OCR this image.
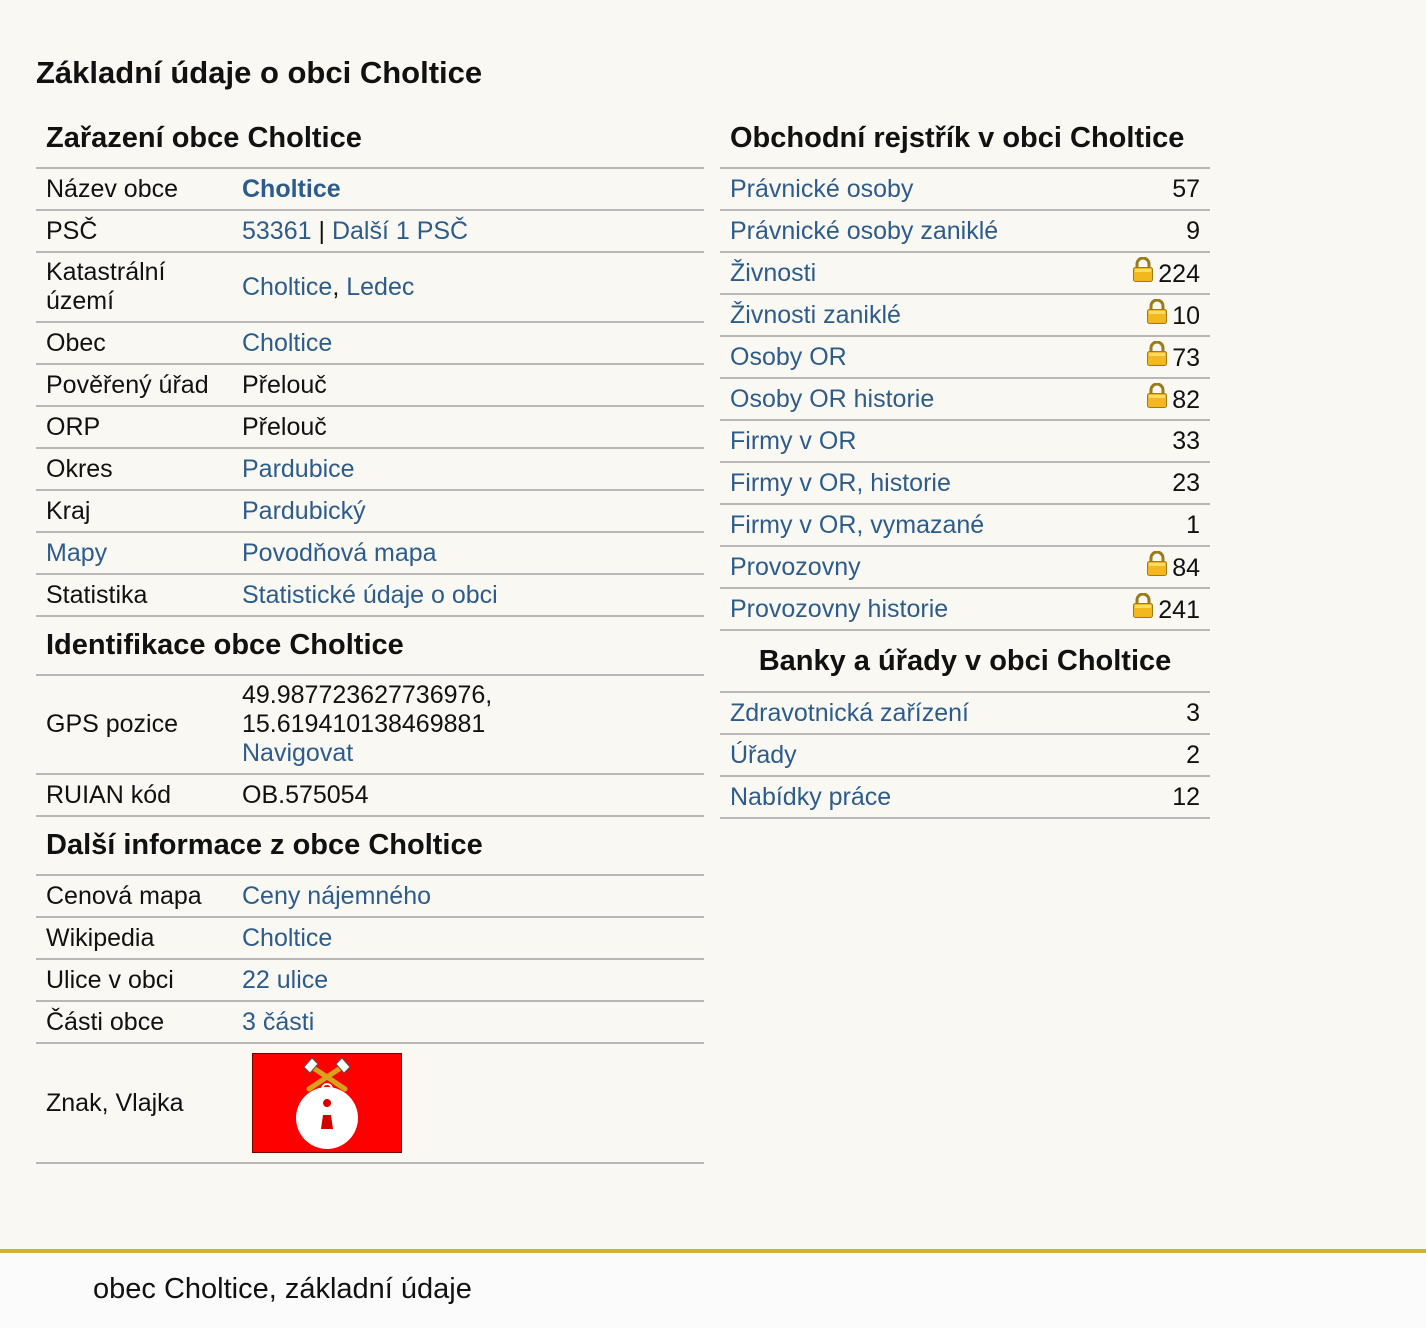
Základní údaje o obci Choltice
Zařazení obce Choltice	
Název obce	Choltice
PSČ	53361 | Další 1 PSČ
Katastrální území	Choltice, Ledec
Obec	Choltice
Pověřený úřad	Přelouč
ORP	Přelouč
Okres	Pardubice
Kraj	Pardubický
Mapy	Povodňová mapa
Statistika	Statistické údaje o obci
Identifikace obce Choltice	
GPS pozice	49.987723627736976,
15.619410138469881
Navigovat

RUIAN kód	OB.575054
Další informace z obce Choltice	
Cenová mapa	Ceny nájemného
Wikipedia	Choltice
Ulice v obci	22 ulice
Části obce	3 části
Znak, Vlajka	
Obchodní rejstřík v obci Choltice	
Právnické osoby	57
Právnické osoby zaniklé	9
Živnosti	224
Živnosti zaniklé	10
Osoby OR	73
Osoby OR historie	82
Firmy v OR	33
Firmy v OR, historie	23
Firmy v OR, vymazané	1
Provozovny	84
Provozovny historie	241
Banky a úřady v obci Choltice	
Zdravotnická zařízení	3
Úřady	2
Nabídky práce	12
obec Choltice, základní údaje
